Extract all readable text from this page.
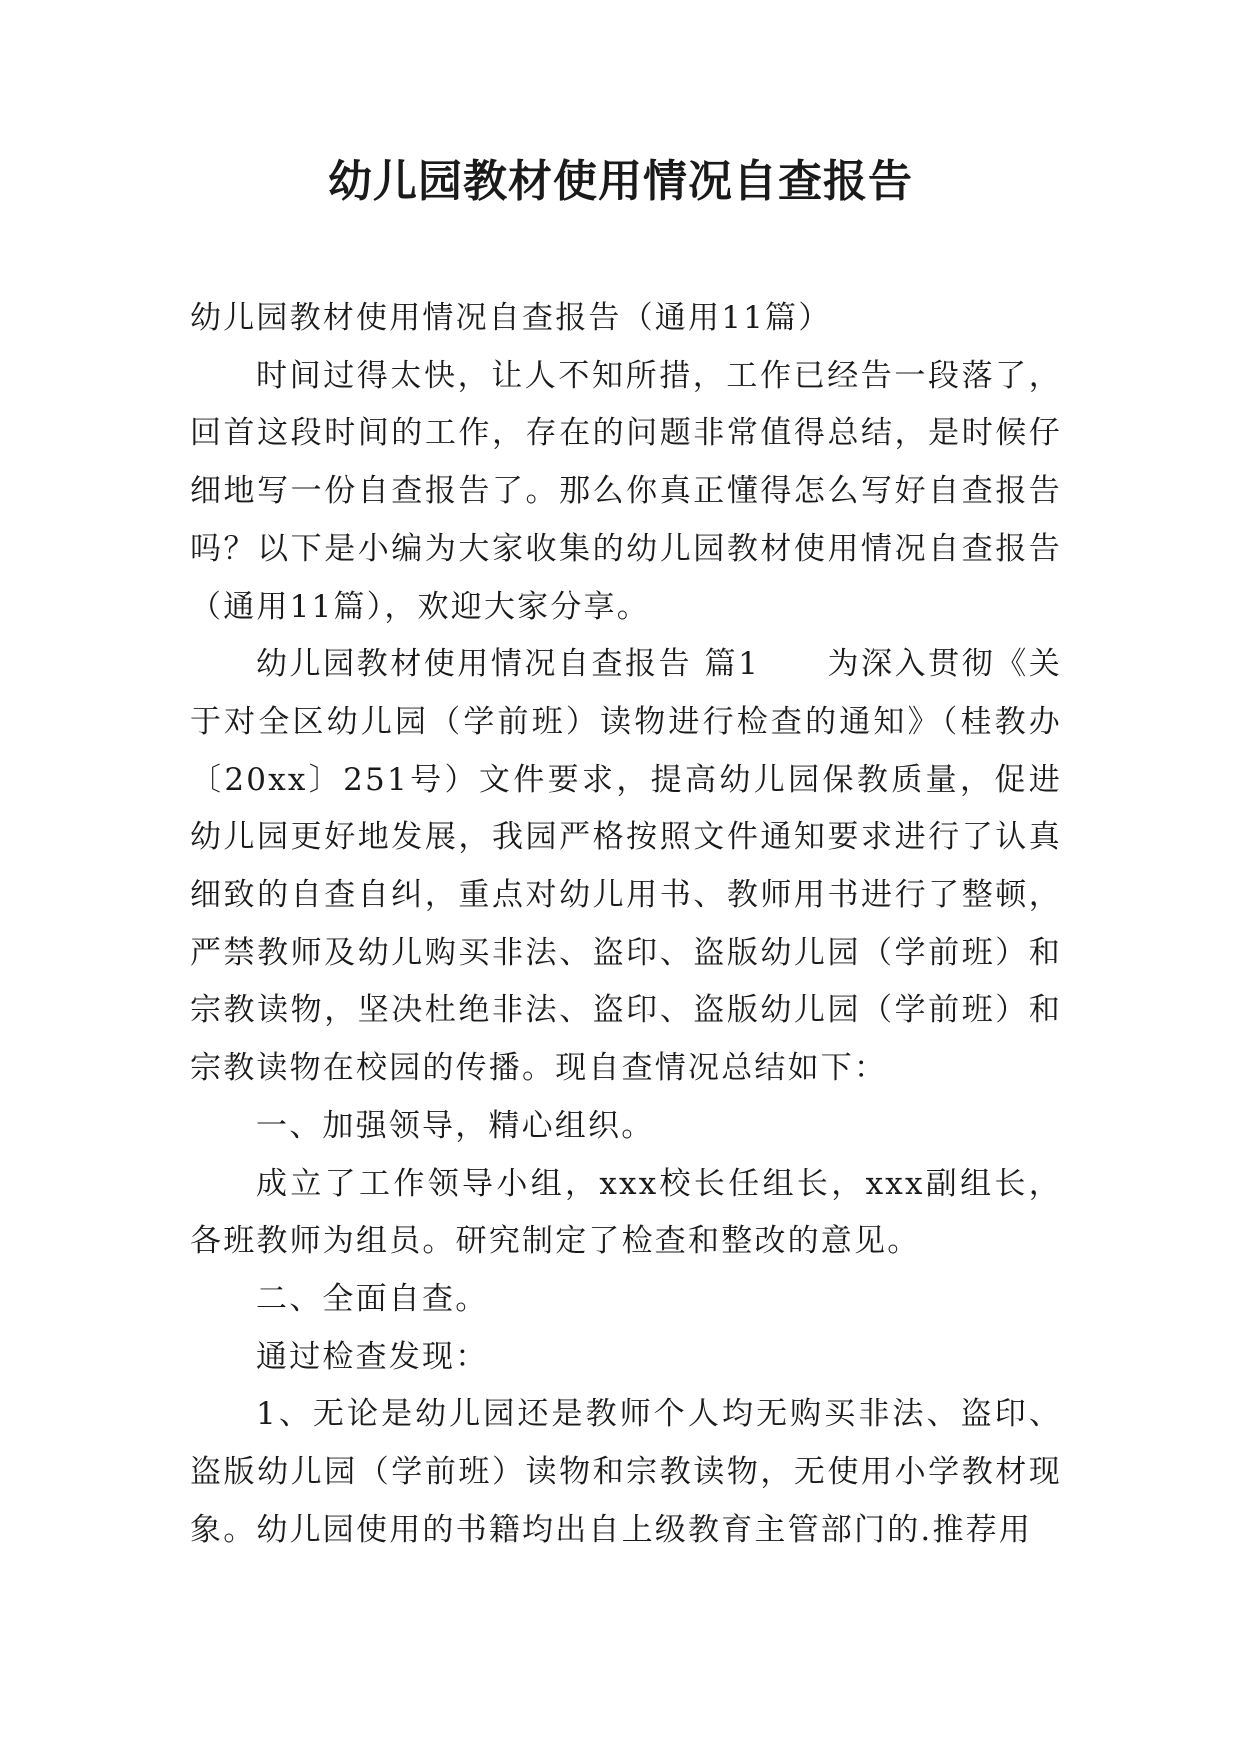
幼儿园教材使用情况自查报告

幼儿园教材使用情况自查报告（通用11篇）

时间过得太快，让人不知所措，工作已经告一段落了，回首这段时间的工作，存在的问题非常值得总结，是时候仔细地写一份自查报告了。那么你真正懂得怎么写好自查报告吗？以下是小编为大家收集的幼儿园教材使用情况自查报告（通用11篇），欢迎大家分享。

幼儿园教材使用情况自查报告 篇1　　为深入贯彻《关于对全区幼儿园（学前班）读物进行检查的通知》（桂教办〔20xx〕251号）文件要求，提高幼儿园保教质量，促进幼儿园更好地发展，我园严格按照文件通知要求进行了认真细致的自查自纠，重点对幼儿用书、教师用书进行了整顿，严禁教师及幼儿购买非法、盗印、盗版幼儿园（学前班）和宗教读物，坚决杜绝非法、盗印、盗版幼儿园（学前班）和宗教读物在校园的传播。现自查情况总结如下：

一、加强领导，精心组织。

成立了工作领导小组，xxx校长任组长，xxx副组长，各班教师为组员。研究制定了检查和整改的意见。

二、全面自查。

通过检查发现：

1、无论是幼儿园还是教师个人均无购买非法、盗印、盗版幼儿园（学前班）读物和宗教读物，无使用小学教材现象。幼儿园使用的书籍均出自上级教育主管部门的.推荐用
